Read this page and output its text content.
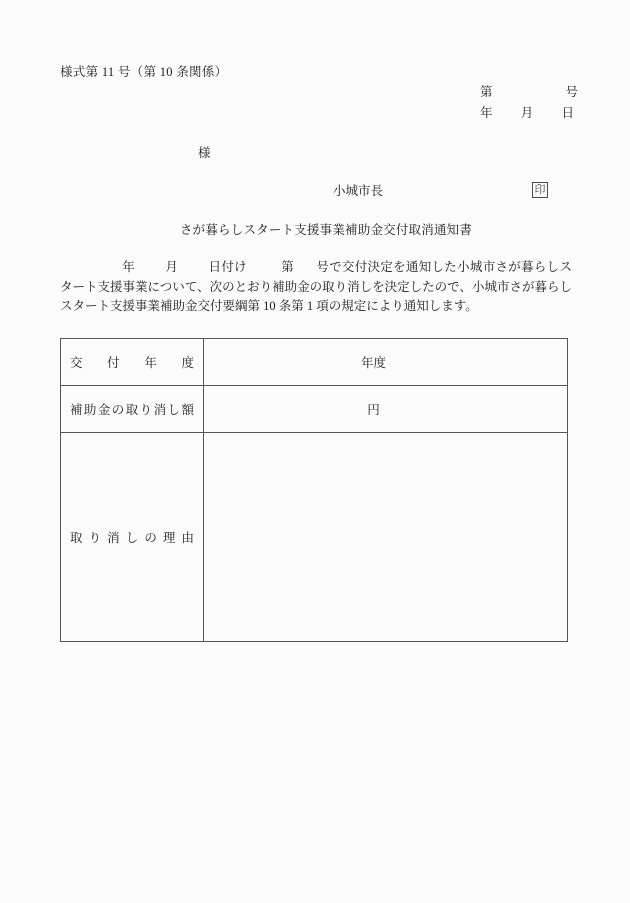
様式第 11 号（第 10 条関係）
第	号
年 月 日
様
小城市長	印
さが暮らしスタート支援事業補助金交付取消通知書
年 月 日付け	第 号で交付決定を通知した小城市さが暮らしスタート支援事業について、次のとおり補助金の取り消しを決定したので、小城市さが暮らしスタート支援事業補助金交付要綱第 10 条第 1 項の規定により通知します。
交　付　年　度	年度
補助金の取り消し額	円
取り消しの理由	
